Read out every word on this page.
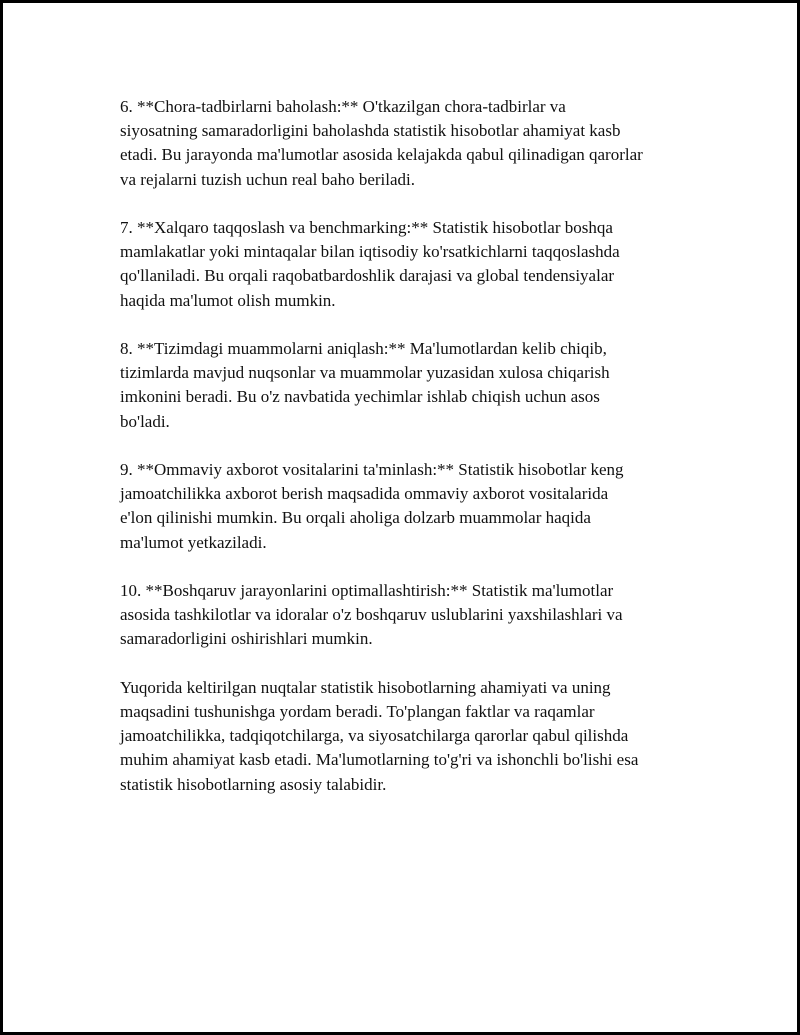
6. **Chora-tadbirlarni baholash:** O'tkazilgan chora-tadbirlar va
siyosatning samaradorligini baholashda statistik hisobotlar ahamiyat kasb
etadi. Bu jarayonda ma'lumotlar asosida kelajakda qabul qilinadigan qarorlar
va rejalarni tuzish uchun real baho beriladi.

7. **Xalqaro taqqoslash va benchmarking:** Statistik hisobotlar boshqa
mamlakatlar yoki mintaqalar bilan iqtisodiy ko'rsatkichlarni taqqoslashda
qo'llaniladi. Bu orqali raqobatbardoshlik darajasi va global tendensiyalar
haqida ma'lumot olish mumkin.

8. **Tizimdagi muammolarni aniqlash:** Ma'lumotlardan kelib chiqib,
tizimlarda mavjud nuqsonlar va muammolar yuzasidan xulosa chiqarish
imkonini beradi. Bu o'z navbatida yechimlar ishlab chiqish uchun asos
bo'ladi.

9. **Ommaviy axborot vositalarini ta'minlash:** Statistik hisobotlar keng
jamoatchilikka axborot berish maqsadida ommaviy axborot vositalarida
e'lon qilinishi mumkin. Bu orqali aholiga dolzarb muammolar haqida
ma'lumot yetkaziladi.

10. **Boshqaruv jarayonlarini optimallashtirish:** Statistik ma'lumotlar
asosida tashkilotlar va idoralar o'z boshqaruv uslublarini yaxshilashlari va
samaradorligini oshirishlari mumkin.

Yuqorida keltirilgan nuqtalar statistik hisobotlarning ahamiyati va uning
maqsadini tushunishga yordam beradi. To'plangan faktlar va raqamlar
jamoatchilikka, tadqiqotchilarga, va siyosatchilarga qarorlar qabul qilishda
muhim ahamiyat kasb etadi. Ma'lumotlarning to'g'ri va ishonchli bo'lishi esa
statistik hisobotlarning asosiy talabidir.
